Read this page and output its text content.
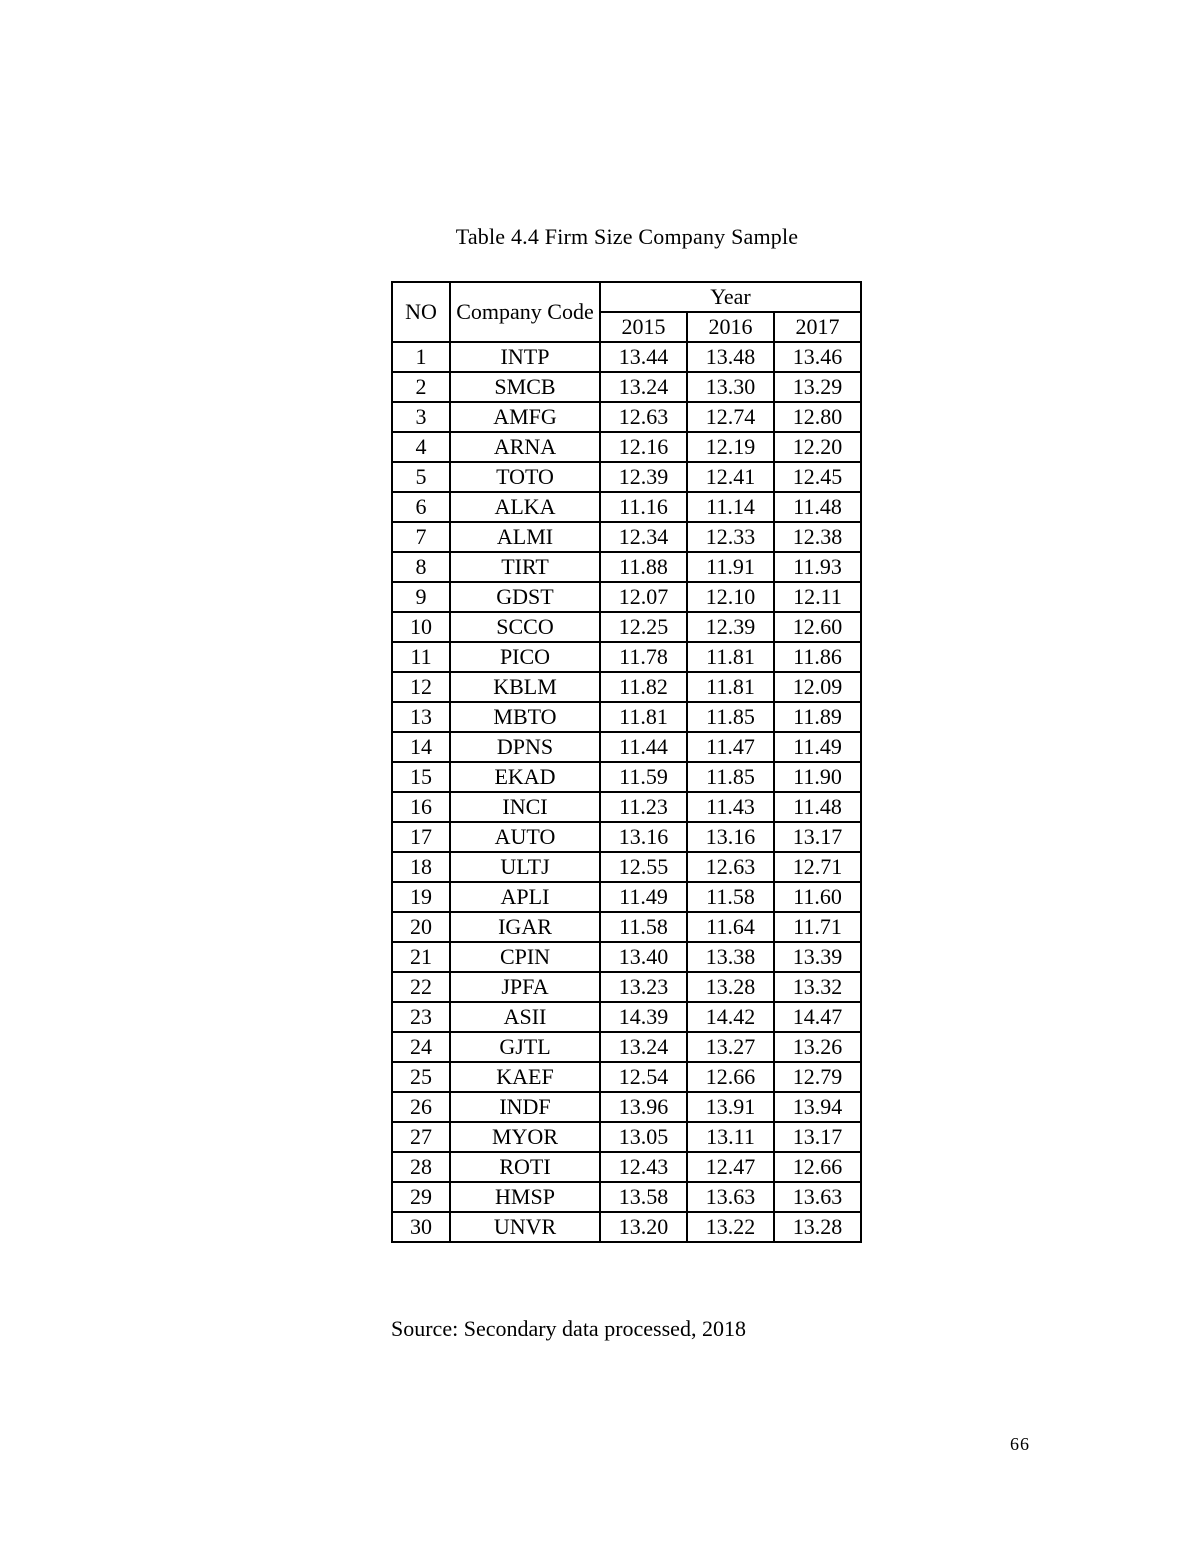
Table 4.4 Firm Size Company Sample
NO	Company Code	Year		
		2015	2016	2017
1	INTP	13.44	13.48	13.46
2	SMCB	13.24	13.30	13.29
3	AMFG	12.63	12.74	12.80
4	ARNA	12.16	12.19	12.20
5	TOTO	12.39	12.41	12.45
6	ALKA	11.16	11.14	11.48
7	ALMI	12.34	12.33	12.38
8	TIRT	11.88	11.91	11.93
9	GDST	12.07	12.10	12.11
10	SCCO	12.25	12.39	12.60
11	PICO	11.78	11.81	11.86
12	KBLM	11.82	11.81	12.09
13	MBTO	11.81	11.85	11.89
14	DPNS	11.44	11.47	11.49
15	EKAD	11.59	11.85	11.90
16	INCI	11.23	11.43	11.48
17	AUTO	13.16	13.16	13.17
18	ULTJ	12.55	12.63	12.71
19	APLI	11.49	11.58	11.60
20	IGAR	11.58	11.64	11.71
21	CPIN	13.40	13.38	13.39
22	JPFA	13.23	13.28	13.32
23	ASII	14.39	14.42	14.47
24	GJTL	13.24	13.27	13.26
25	KAEF	12.54	12.66	12.79
26	INDF	13.96	13.91	13.94
27	MYOR	13.05	13.11	13.17
28	ROTI	12.43	12.47	12.66
29	HMSP	13.58	13.63	13.63
30	UNVR	13.20	13.22	13.28
Source: Secondary data processed, 2018
66
